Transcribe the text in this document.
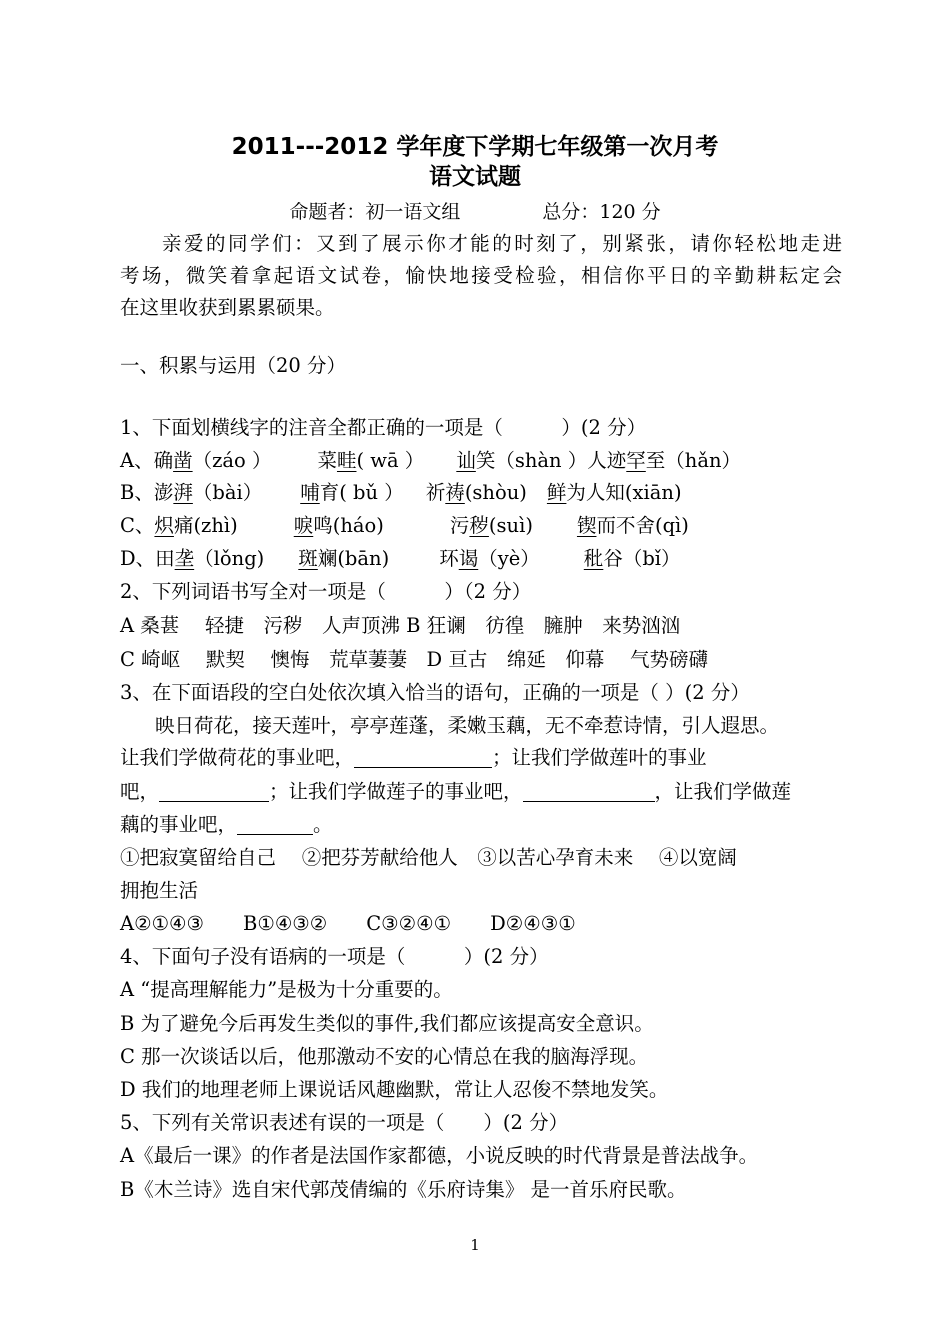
2011---2012 学年度下学期七年级第一次月考
语文试题
命题者：初一语文组	总分：120 分
亲爱的同学们：又到了展示你才能的时刻了，别紧张，请你轻松地走进
考场，微笑着拿起语文试卷，愉快地接受检验，相信你平日的辛勤耕耘定会
在这里收获到累累硕果。
一、积累与运用（20 分）
1、下面划横线字的注音全都正确的一项是（　　　）(2 分）
A、确凿（záo ） 菜畦( wā ） 讪笑（shàn ）人迹罕至（hǎn）
B、澎湃（bài） 哺育( bǔ ） 祈祷(shòu) 鲜为人知(xiān)
C、炽痛(zhì)	唳鸣(háo)	污秽(suì) 锲而不舍(qì)
D、田垄（lǒng) 斑斓(bān)	环谒（yè） 秕谷（bǐ）
2、下列词语书写全对一项是（　　　）（2 分）
A 桑葚　 轻捷　污秽　人声顶沸 B 狂谰　彷徨　臃肿　来势汹汹
C 崎岖　 默契　 懊悔　荒草萋萋　D 亘古　绵延　仰幕　 气势磅礴
3、在下面语段的空白处依次填入恰当的语句，正确的一项是（ ）(2 分）
映日荷花，接天莲叶，亭亭莲蓬，柔嫩玉藕，无不牵惹诗情，引人遐思。
让我们学做荷花的事业吧，	；让我们学做莲叶的事业
吧，	；让我们学做莲子的事业吧，	，让我们学做莲
藕的事业吧，	。
①把寂寞留给自己　 ②把芬芳献给他人　③以苦心孕育未来　 ④以宽阔
拥抱生活
A②①④③　　B①④③②　　C③②④①　　D②④③①
4、下面句子没有语病的一项是（　　　）(2 分）
A “提高理解能力”是极为十分重要的。
B 为了避免今后再发生类似的事件,我们都应该提高安全意识。
C 那一次谈话以后，他那激动不安的心情总在我的脑海浮现。
D 我们的地理老师上课说话风趣幽默，常让人忍俊不禁地发笑。
5、下列有关常识表述有误的一项是（　　）(2 分）
A《最后一课》的作者是法国作家都德，小说反映的时代背景是普法战争。
B《木兰诗》选自宋代郭茂倩编的《乐府诗集》 是一首乐府民歌。
1
